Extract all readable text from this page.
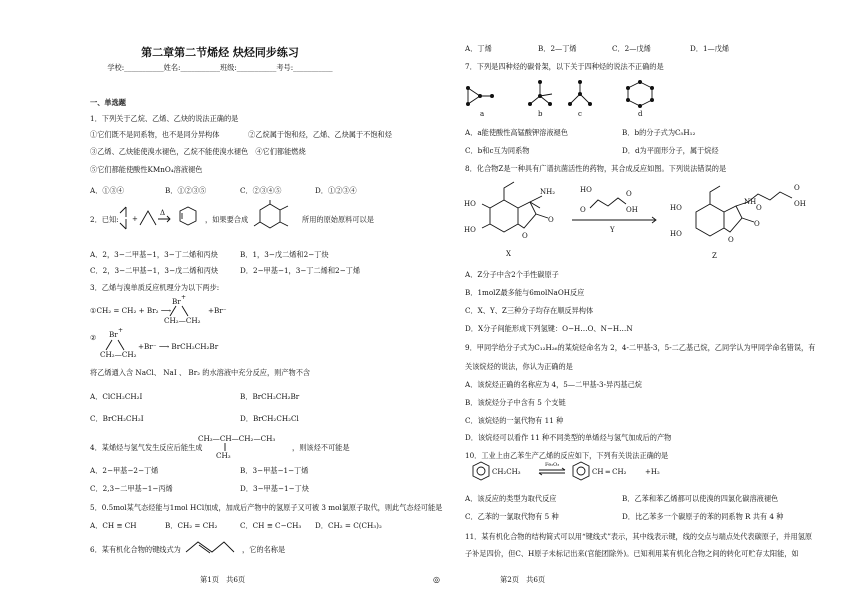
第二章第二节烯烃 炔烃同步练习
学校:___________姓名:___________班级:___________考号:___________
一、单选题
1．下列关于乙烷、乙烯、乙炔的说法正确的是
①它们既不是同系物，也不是同分异构体　　　　②乙烷属于饱和烃，乙烯、乙炔属于不饱和烃
③乙烯、乙炔能使溴水褪色，乙烷不能使溴水褪色　④它们都能燃烧
⑤它们都能使酸性KMnO₄溶液褪色
A．①③④	B．①②③⑤	C．②③④⑤	D．①②③④
2．已知: +
Δ
，如果要合成	所用的原始原料可以是
A．2，3−二甲基−1，3−丁二烯和丙炔	B．1，3−戊二烯和2−丁炔
C．2，3−二甲基−1，3−戊二烯和丙炔	D．2−甲基−1，3−丁二烯和2−丁烯
3．乙烯与溴单质反应机理分为以下两步:
①CH₂ = CH₂ + Br₂ ⟶
Br +
CH₂—CH₂
+Br⁻
② Br +
CH₂—CH₂
+Br⁻ ⟶ BrCH₂CH₂Br
将乙烯通入含 NaCl、 NaI 、 Br₂ 的水溶液中充分反应，则产物不含
A．ClCH₂CH₂I	B．BrCH₂CH₂Br
C．BrCH₂CH₂I	D．BrCH₂CH₂Cl
CH₃—CH—CH₂—CH₃
CH₃
4．某烯烃与氢气发生反应后能生成	，则该烃不可能是
A．2−甲基−2−丁烯	B．3−甲基−1−丁烯
C．2,3−二甲基−1−丙烯	D．3−甲基−1−丁炔
5．0.5mol某气态烃能与1mol HCl加成，加成后产物中的氢原子又可被 3 mol氯原子取代，则此气态烃可能是
A．CH ≡ CH	B．CH₂ = CH₂	C．CH ≡ C−CH₃ D．CH₂ = C(CH₃)₂
6．某有机化合物的键线式为	，它的名称是
第1页　共6页	◎
A．丁烯	B．2—丁烯	C．2—戊烯	D．1—戊烯
7．下列是四种烃的碳骨架，以下关于四种烃的说法不正确的是
a	b	c	d
A．a能使酸性高锰酸钾溶液褪色	B．b的分子式为C₅H₁₂
C．b和c互为同系物	D．d为平面形分子，属于烷烃
8．化合物Z是一种具有广谱抗菌活性的药物，其合成反应如图。下列说法错误的是
NH₂
O
O
HO
HO
X
O
HO	O
OH
Y
NH
O
O
OH
O
O
HO
HO
Z
A．Z分子中含2个手性碳原子
B．1molZ最多能与6molNaOH反应
C．X、Y、Z三种分子均存在顺反异构体
D．X分子间能形成下列氢键：O−H…O、N−H…N
9．甲同学给分子式为C₁₂H₂₆的某烷烃命名为 2，4-二甲基-3，5-二乙基己烷，乙同学认为甲同学命名错误，有
关该烷烃的说法，你认为正确的是
A．该烷烃正确的名称应为 4，5—二甲基-3-异丙基己烷
B．该烷烃分子中含有 5 个支链
C．该烷烃的一氯代物有 11 种
D．该烷烃可以看作 11 种不同类型的单烯烃与氢气加成后的产物
10．工业上由乙苯生产乙烯的反应如下，下列有关说法正确的是
CH₂CH₃
Fe₂O₃
CH ═ CH₂	+H₂
A．该反应的类型为取代反应	B．乙苯和苯乙烯都可以使溴的四氯化碳溶液褪色
C．乙苯的一氯取代物有 5 种	D．比乙苯多一个碳原子的苯的同系物 R 共有 4 种
11．某有机化合物的结构简式可以用“键线式”表示，其中线表示键，线的交点与端点处代表碳原子，并用氢原
子补足四价，但C、H原子未标记出来(官能团除外)。已知利用某有机化合物之间的转化可贮存太阳能，如
第2页　共6页
